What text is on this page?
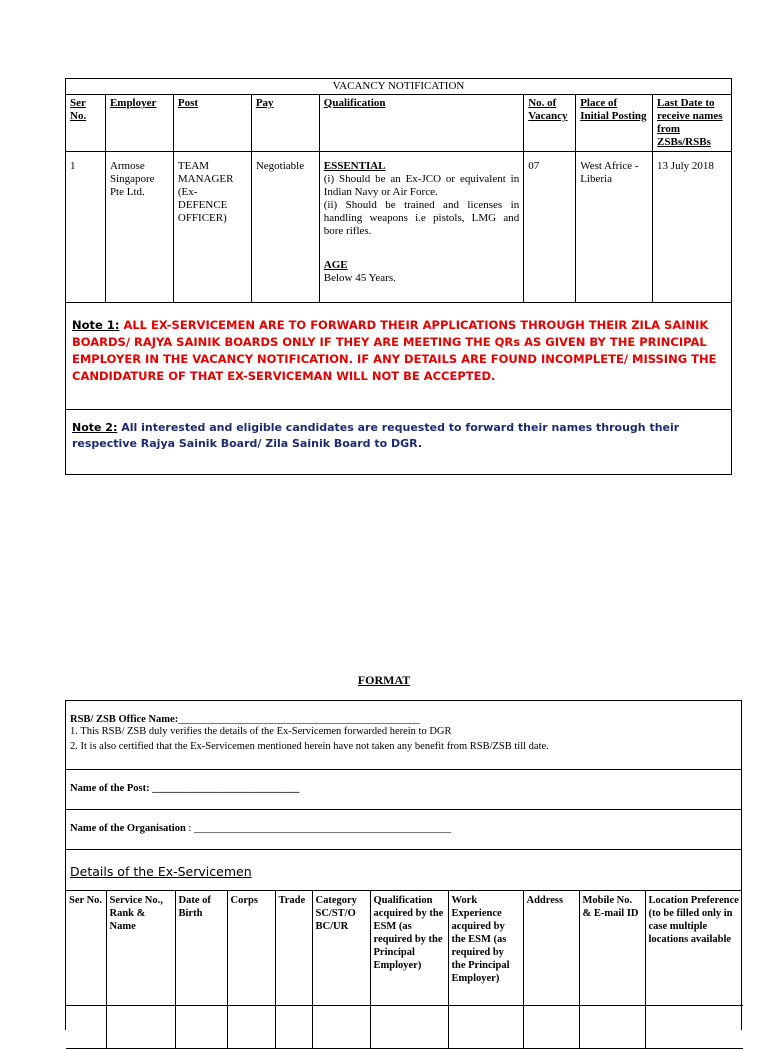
VACANCY NOTIFICATION							
Ser No.	Employer	Post	Pay	Qualification	No. of Vacancy	Place of Initial Posting	Last Date to receive names from ZSBs/RSBs
1	Armose Singapore Pte Ltd.	TEAM MANAGER (Ex-DEFENCE OFFICER)	Negotiable	ESSENTIAL
(i) Should be an Ex-JCO or equivalent in Indian Navy or Air Force.
(ii) Should be trained and licenses in handling weapons i.e pistols, LMG and bore rifles.
AGE
Below 45 Years.	07	West Africe - Liberia	13 July 2018
Note 1: ALL EX-SERVICEMEN ARE TO FORWARD THEIR APPLICATIONS THROUGH THEIR ZILA SAINIK BOARDS/ RAJYA SAINIK BOARDS ONLY IF THEY ARE MEETING THE QRs AS GIVEN BY THE PRINCIPAL EMPLOYER IN THE VACANCY NOTIFICATION. IF ANY DETAILS ARE FOUND INCOMPLETE/ MISSING THE CANDIDATURE OF THAT EX-SERVICEMAN WILL NOT BE ACCEPTED.							
Note 2: All interested and eligible candidates are requested to forward their names through their respective Rajya Sainik Board/ Zila Sainik Board to DGR.							
FORMAT
RSB/ ZSB Office Name:______________________________________________
1. This RSB/ ZSB duly verifies the details of the Ex-Servicemen forwarded herein to DGR
2. It is also certified that the Ex-Servicemen mentioned herein have not taken any benefit from RSB/ZSB till date.
Name of the Post: ____________________________
Name of the Organisation : _________________________________________________
Details of the Ex-Servicemen
Ser No.	Service No., Rank & Name	Date of Birth	Corps	Trade	Category SC/ST/O BC/UR	Qualification acquired by the ESM (as required by the Principal Employer)	Work Experience acquired by the ESM (as required by the Principal Employer)	Address	Mobile No. & E-mail ID	Location Preference (to be filled only in case multiple locations available
